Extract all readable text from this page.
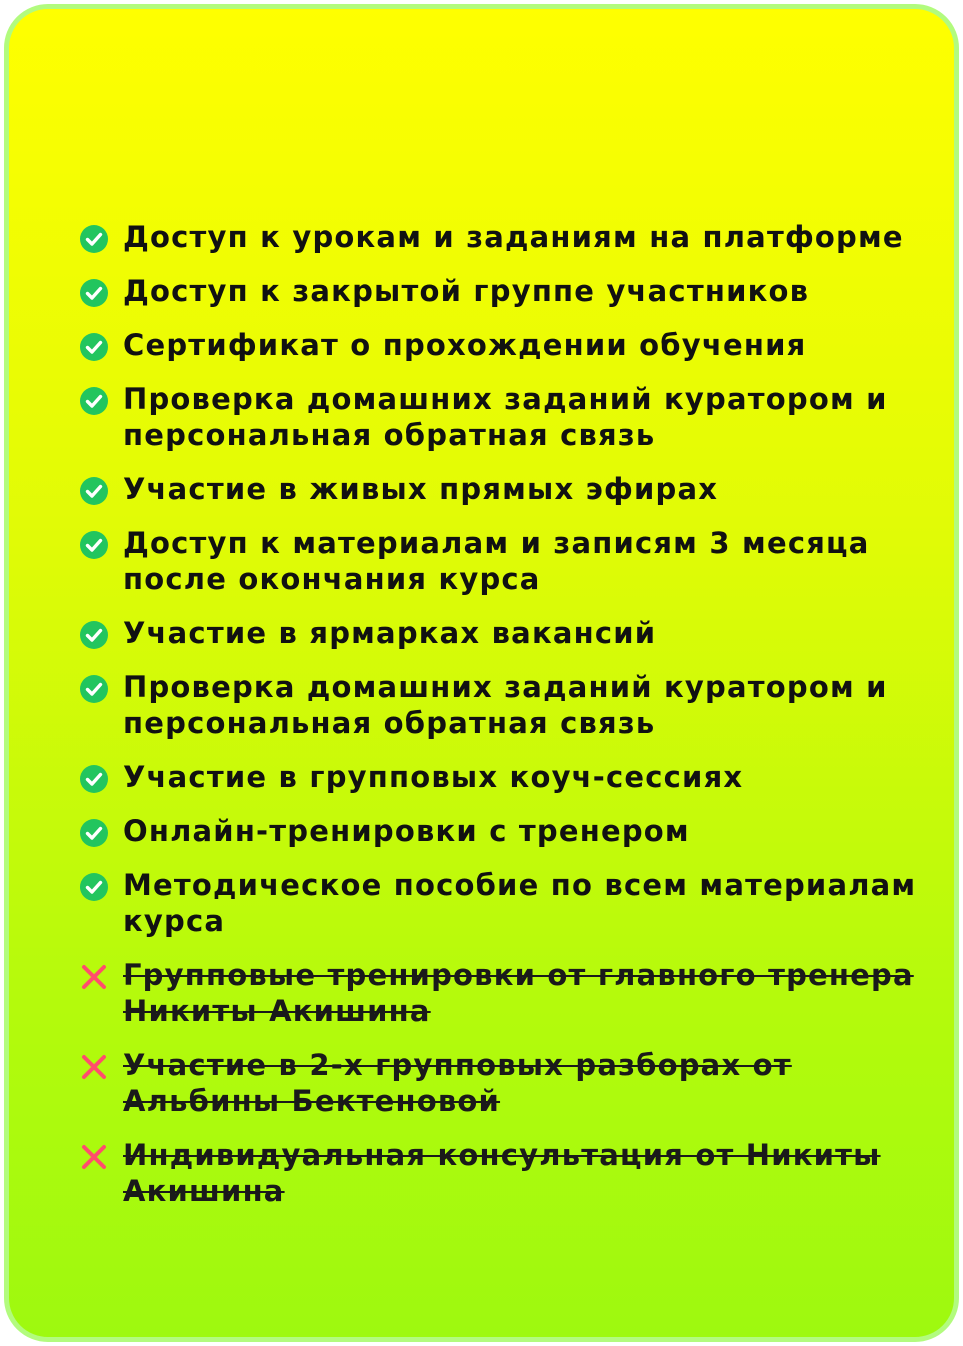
Доступ к урокам и заданиям на платформе
Доступ к закрытой группе участников
Сертификат о прохождении обучения
Проверка домашних заданий куратором и персональная обратная связь
Участие в живых прямых эфирах
Доступ к материалам и записям 3 месяца после окончания курса
Участие в ярмарках вакансий
Проверка домашних заданий куратором и персональная обратная связь
Участие в групповых коуч-сессиях
Онлайн-тренировки с тренером
Методическое пособие по всем материалам курса
Групповые тренировки от главного тренера Никиты Акишина
Участие в 2-х групповых разборах от Альбины Бектеновой
Индивидуальная консультация от Никиты Акишина
